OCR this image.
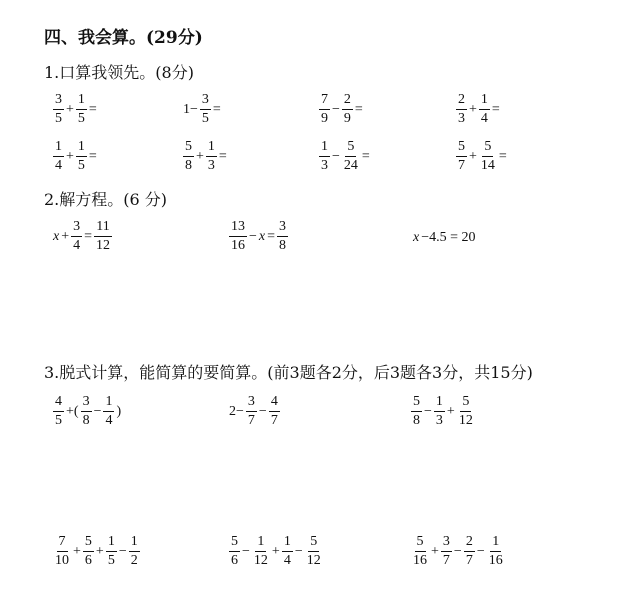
四、我会算。(29分)
1.口算我领先。(8分)
$\frac{3}{5} + \frac{1}{5}$ =	$1- \frac{3}{5}$ =	$\frac{7}{9} - \frac{2}{9}$ =	$\frac{2}{3} + \frac{1}{4}$ =
$\frac{1}{4} + \frac{1}{5}$ =	$\frac{5}{8} + \frac{1}{3}$ =	$\frac{1}{3} - \frac{5}{24}$ =	$\frac{5}{7} + \frac{5}{14}$ =
2.解方程。(6 分)
$x + \frac{3}{4} = \frac{11}{12}$	$\frac{13}{16} - x = \frac{3}{8}$	x −4.5 = 20
3.脱式计算，能简算的要简算。(前3题各2分，后3题各3分，共15分)
$\frac{4}{5}$ +( $\frac{3}{8} - \frac{1}{4}$ )	$2- \frac{3}{7} - \frac{4}{7}$	$\frac{5}{8} - \frac{1}{3} + \frac{5}{12}$
$\frac{7}{10} + \frac{5}{6} + \frac{1}{5} - \frac{1}{2}$	$\frac{5}{6} - \frac{1}{12} + \frac{1}{4} - \frac{5}{12}$	$\frac{5}{16} + \frac{3}{7} - \frac{2}{7} - \frac{1}{16}$
